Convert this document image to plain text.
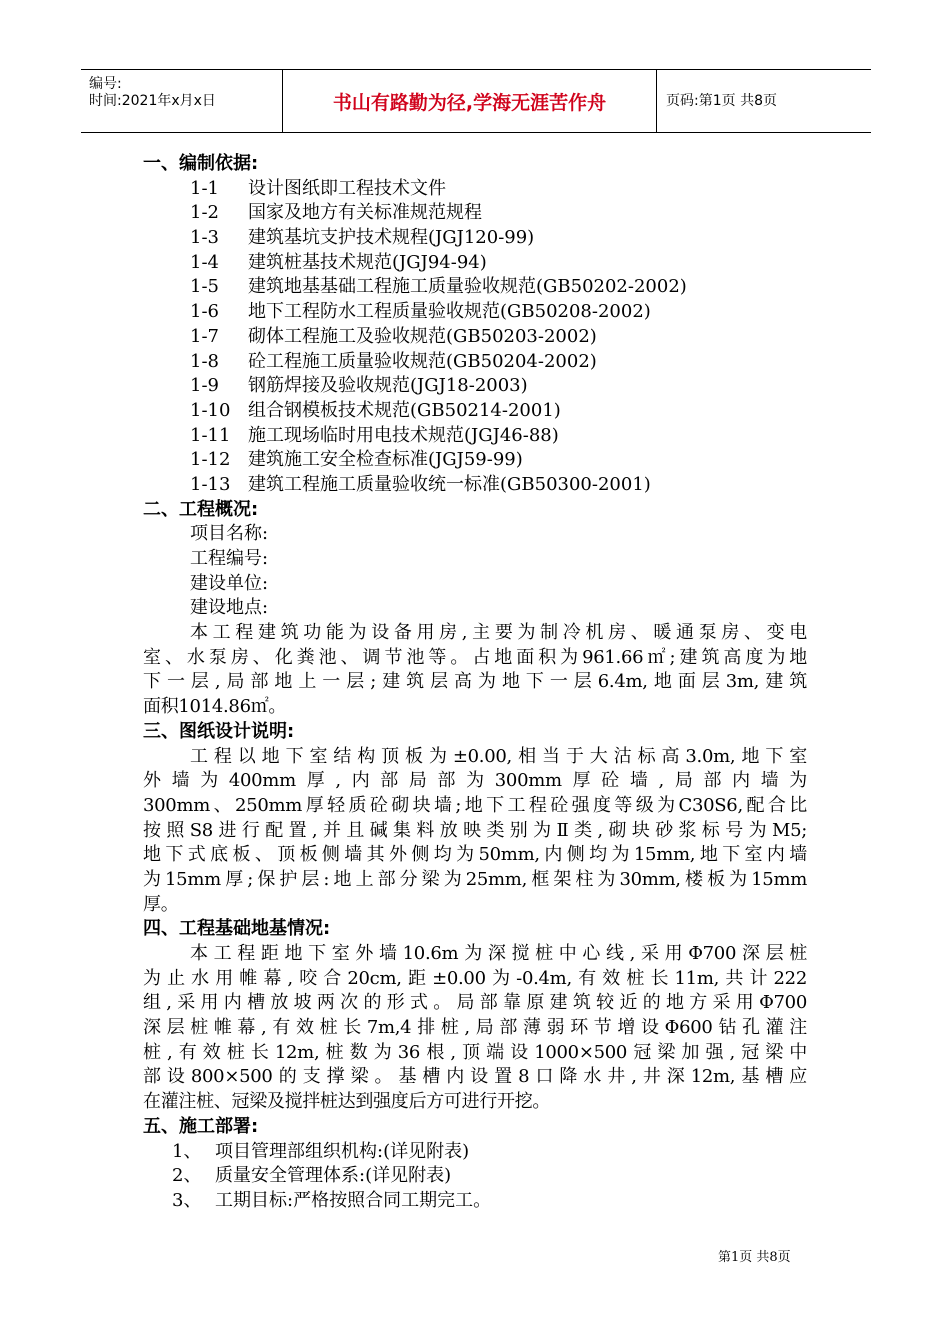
编号:
时间:2021年x月x日	书山有路勤为径,学海无涯苦作舟	页码:第1页 共8页
一、编制依据:
1-1 设计图纸即工程技术文件
1-2 国家及地方有关标准规范规程
1-3 建筑基坑支护技术规程(JGJ120-99)
1-4 建筑桩基技术规范(JGJ94-94)
1-5 建筑地基基础工程施工质量验收规范(GB50202-2002)
1-6 地下工程防水工程质量验收规范(GB50208-2002)
1-7 砌体工程施工及验收规范(GB50203-2002)
1-8 砼工程施工质量验收规范(GB50204-2002)
1-9 钢筋焊接及验收规范(JGJ18-2003)
1-10 组合钢模板技术规范(GB50214-2001)
1-11 施工现场临时用电技术规范(JGJ46-88)
1-12 建筑施工安全检查标准(JGJ59-99)
1-13 建筑工程施工质量验收统一标准(GB50300-2001)
二、工程概况:
项目名称:
工程编号:
建设单位:
建设地点:
本工程建筑功能为设备用房,主要为制冷机房、暖通泵房、变电
室、水泵房、化粪池、调节池等。占地面积为961.66㎡;建筑高度为地
下一层,局部地上一层;建筑层高为地下一层6.4m,地面层3m,建筑
面积1014.86㎡。
三、图纸设计说明:
工程以地下室结构顶板为±0.00,相当于大沽标高3.0m,地下室
外墙为400mm厚,内部局部为300mm厚砼墙,局部内墙为
300mm、250mm厚轻质砼砌块墙;地下工程砼强度等级为C30S6,配合比
按照S8进行配置,并且碱集料放映类别为Ⅱ类,砌块砂浆标号为M5;
地下式底板、顶板侧墙其外侧均为50mm,内侧均为15mm,地下室内墙
为15mm厚;保护层:地上部分梁为25mm,框架柱为30mm,楼板为15mm
厚。
四、工程基础地基情况:
本工程距地下室外墙10.6m为深搅桩中心线,采用Φ700深层桩
为止水用帷幕,咬合20cm,距±0.00为-0.4m,有效桩长11m,共计222
组,采用内槽放坡两次的形式。局部靠原建筑较近的地方采用Φ700
深层桩帷幕,有效桩长7m,4排桩,局部薄弱环节增设Φ600钻孔灌注
桩,有效桩长12m,桩数为36根,顶端设1000×500冠梁加强,冠梁中
部设800×500的支撑梁。基槽内设置8口降水井,井深12m,基槽应
在灌注桩、冠梁及搅拌桩达到强度后方可进行开挖。
五、施工部署:
1、 项目管理部组织机构:(详见附表)
2、 质量安全管理体系:(详见附表)
3、 工期目标:严格按照合同工期完工。
第1页 共8页
